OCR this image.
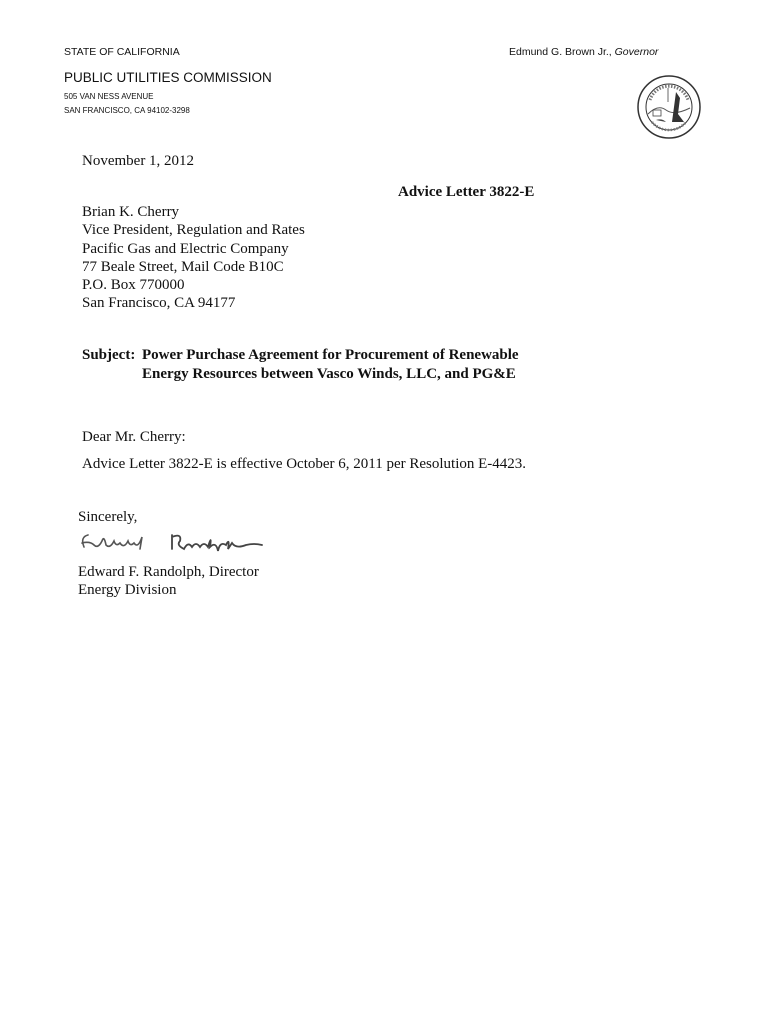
STATE OF CALIFORNIA	Edmund G. Brown Jr., Governor
PUBLIC UTILITIES COMMISSION
505 VAN NESS AVENUE
SAN FRANCISCO, CA 94102-3298
November 1, 2012
Advice Letter 3822-E
Brian K. Cherry
Vice President, Regulation and Rates
Pacific Gas and Electric Company
77 Beale Street, Mail Code B10C
P.O. Box 770000
San Francisco, CA 94177
Subject: Power Purchase Agreement for Procurement of Renewable
Energy Resources between Vasco Winds, LLC, and PG&E
Dear Mr. Cherry:
Advice Letter 3822-E is effective October 6, 2011 per Resolution E-4423.
Sincerely,
Edward F. Randolph, Director
Energy Division
